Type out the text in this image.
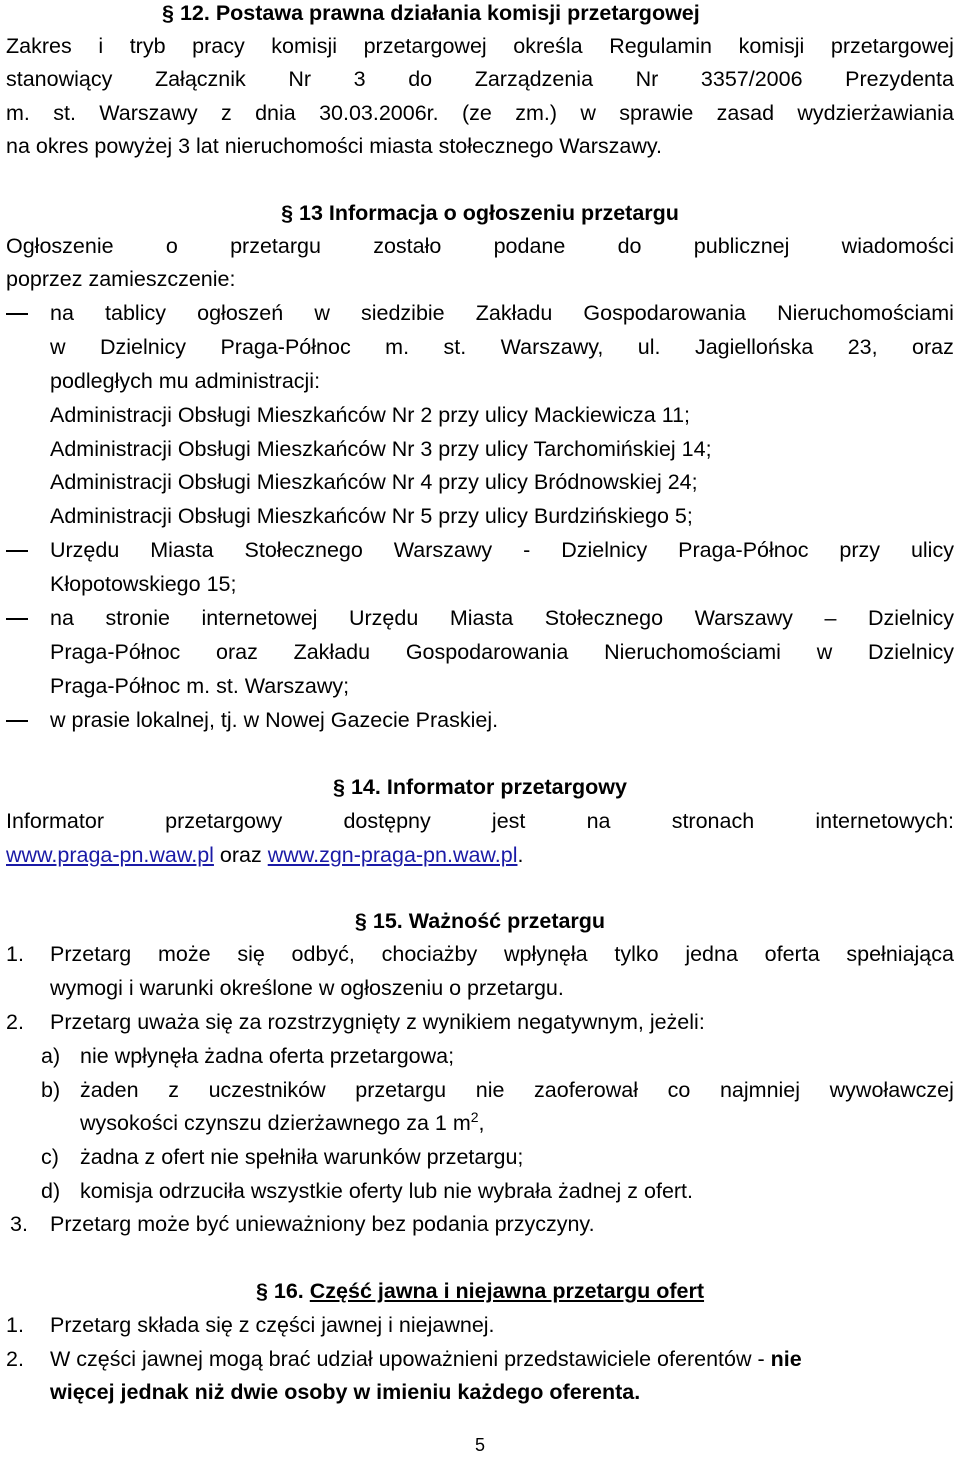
§ 12. Postawa prawna działania komisji przetargowej
Zakres i tryb pracy komisji przetargowej określa Regulamin komisji przetargowej
stanowiący Załącznik Nr 3 do Zarządzenia Nr 3357/2006 Prezydenta
m. st. Warszawy z dnia 30.03.2006r. (ze zm.) w sprawie zasad wydzierżawiania
na okres powyżej 3 lat nieruchomości miasta stołecznego Warszawy.
§ 13 Informacja o ogłoszeniu przetargu
Ogłoszenie o przetargu zostało podane do publicznej wiadomości
poprzez zamieszczenie:
na tablicy ogłoszeń w siedzibie Zakładu Gospodarowania Nieruchomościami
w Dzielnicy Praga-Północ m. st. Warszawy, ul. Jagiellońska 23, oraz
podległych mu administracji:
Administracji Obsługi Mieszkańców Nr 2 przy ulicy Mackiewicza 11;
Administracji Obsługi Mieszkańców Nr 3 przy ulicy Tarchomińskiej 14;
Administracji Obsługi Mieszkańców Nr 4 przy ulicy Bródnowskiej 24;
Administracji Obsługi Mieszkańców Nr 5 przy ulicy Burdzińskiego 5;
Urzędu Miasta Stołecznego Warszawy - Dzielnicy Praga-Północ przy ulicy
Kłopotowskiego 15;
na stronie internetowej Urzędu Miasta Stołecznego Warszawy – Dzielnicy
Praga-Północ oraz Zakładu Gospodarowania Nieruchomościami w Dzielnicy
Praga-Północ m. st. Warszawy;
w prasie lokalnej, tj. w Nowej Gazecie Praskiej.
§ 14. Informator przetargowy
Informator	przetargowy	dostępny	jest	na	stronach	internetowych:
www.praga-pn.waw.pl oraz www.zgn-praga-pn.waw.pl.
§ 15. Ważność przetargu
1. Przetarg może się odbyć, chociażby wpłynęła tylko jedna oferta spełniająca
wymogi i warunki określone w ogłoszeniu o przetargu.
2. Przetarg uważa się za rozstrzygnięty z wynikiem negatywnym, jeżeli:
a) nie wpłynęła żadna oferta przetargowa;
b) żaden z uczestników przetargu nie zaoferował co najmniej wywoławczej
wysokości czynszu dzierżawnego za 1 $m^2$,
c) żadna z ofert nie spełniła warunków przetargu;
d) komisja odrzuciła wszystkie oferty lub nie wybrała żadnej z ofert.
3. Przetarg może być unieważniony bez podania przyczyny.
§ 16. Część jawna i niejawna przetargu ofert
1. Przetarg składa się z części jawnej i niejawnej.
2. W części jawnej mogą brać udział upoważnieni przedstawiciele oferentów - nie
więcej jednak niż dwie osoby w imieniu każdego oferenta.
5
